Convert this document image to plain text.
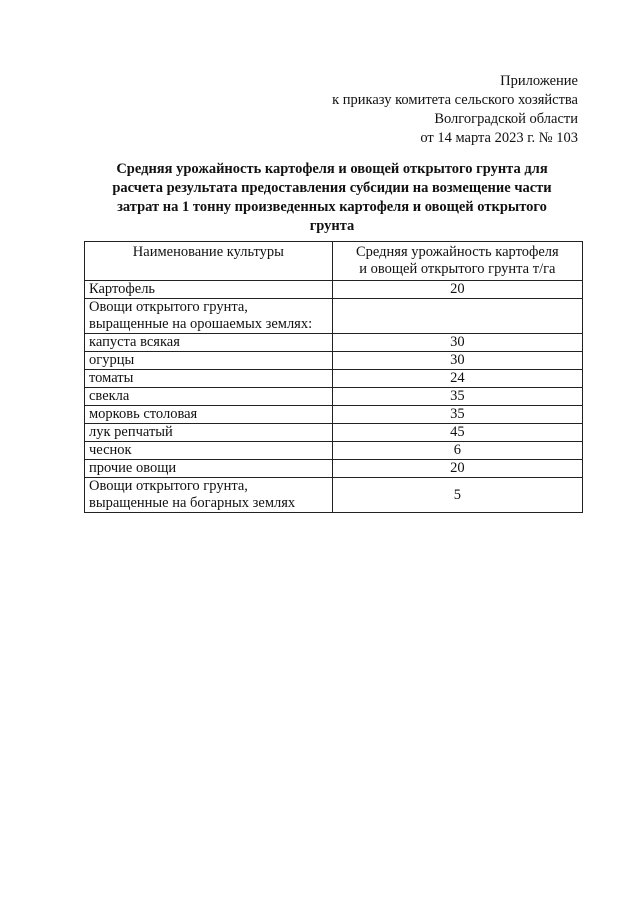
Приложение
к приказу комитета сельского хозяйства
Волгоградской области
от 14 марта 2023 г. № 103
Средняя урожайность картофеля и овощей открытого грунта для
расчета результата предоставления субсидии на возмещение части
затрат на 1 тонну произведенных картофеля и овощей открытого
грунта
Наименование культуры	Средняя урожайность картофеля
и овощей открытого грунта т/га

Картофель	20

Овощи открытого грунта,
выращенные на орошаемых землях:	

капуста всякая	30
огурцы	30
томаты	24
свекла	35
морковь столовая	35
лук репчатый	45
чеснок	6
прочие овощи	20

Овощи открытого грунта,
выращенные на богарных землях	5
